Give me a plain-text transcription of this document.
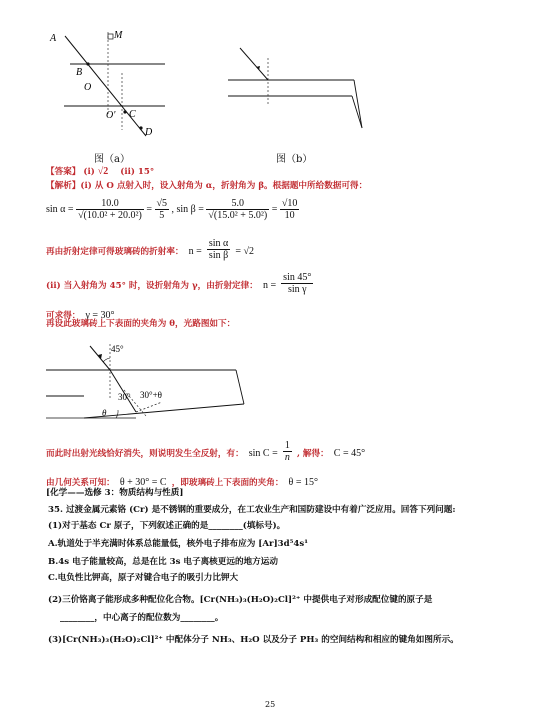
A	M
B
O
O' C
D
图（a）	图（b）
【答案】 (i) √2 (ii) 15°
【解析】(i) 从 O 点射入时，设入射角为 α，折射角为 β。根据题中所给数据可得：
$\sin \alpha = \frac{10.0}{\text{√(10.0² + 20.0²)}} = \frac{√5}{5}$ , $\sin \beta = \frac{5.0}{\text{√(15.0² + 5.0²)}} = \frac{√10}{10}$
再由折射定律可得玻璃砖的折射率： $n = \frac{\text{sin α}}{\text{sin β}} = √2$
(ii) 当入射角为 45° 时，设折射角为 γ，由折射定律： $n = \frac{\sin 45^\circ}{\text{sin γ}}$
可求得： γ = 30°
再设此玻璃砖上下表面的夹角为 θ，光路图如下：
45°
30° 30°+θ
θ
而此时出射光线恰好消失，则说明发生全反射，有： $\sin C = \frac{1}{n}$ , 解得： C = 45°
由几何关系可知： θ + 30° = C ，即玻璃砖上下表面的夹角： θ = 15°
[化学——选修 3：物质结构与性质]
35. 过渡金属元素铬 (Cr) 是不锈钢的重要成分，在工农业生产和国防建设中有着广泛应用。回答下列问题:
(1)对于基态 Cr 原子，下列叙述正确的是________(填标号)。
A.轨道处于半充满时体系总能量低，核外电子排布应为 [Ar]3d⁵4s¹
B.4s 电子能量较高，总是在比 3s 电子离核更远的地方运动
C.电负性比钾高，原子对键合电子的吸引力比钾大
(2)三价铬离子能形成多种配位化合物。[Cr(NH₃)₃(H₂O)₂Cl]²⁺ 中提供电子对形成配位键的原子是
________，中心离子的配位数为________。
(3)[Cr(NH₃)₃(H₂O)₂Cl]²⁺ 中配体分子 NH₃、H₂O 以及分子 PH₃ 的空间结构和相应的键角如图所示。
25
